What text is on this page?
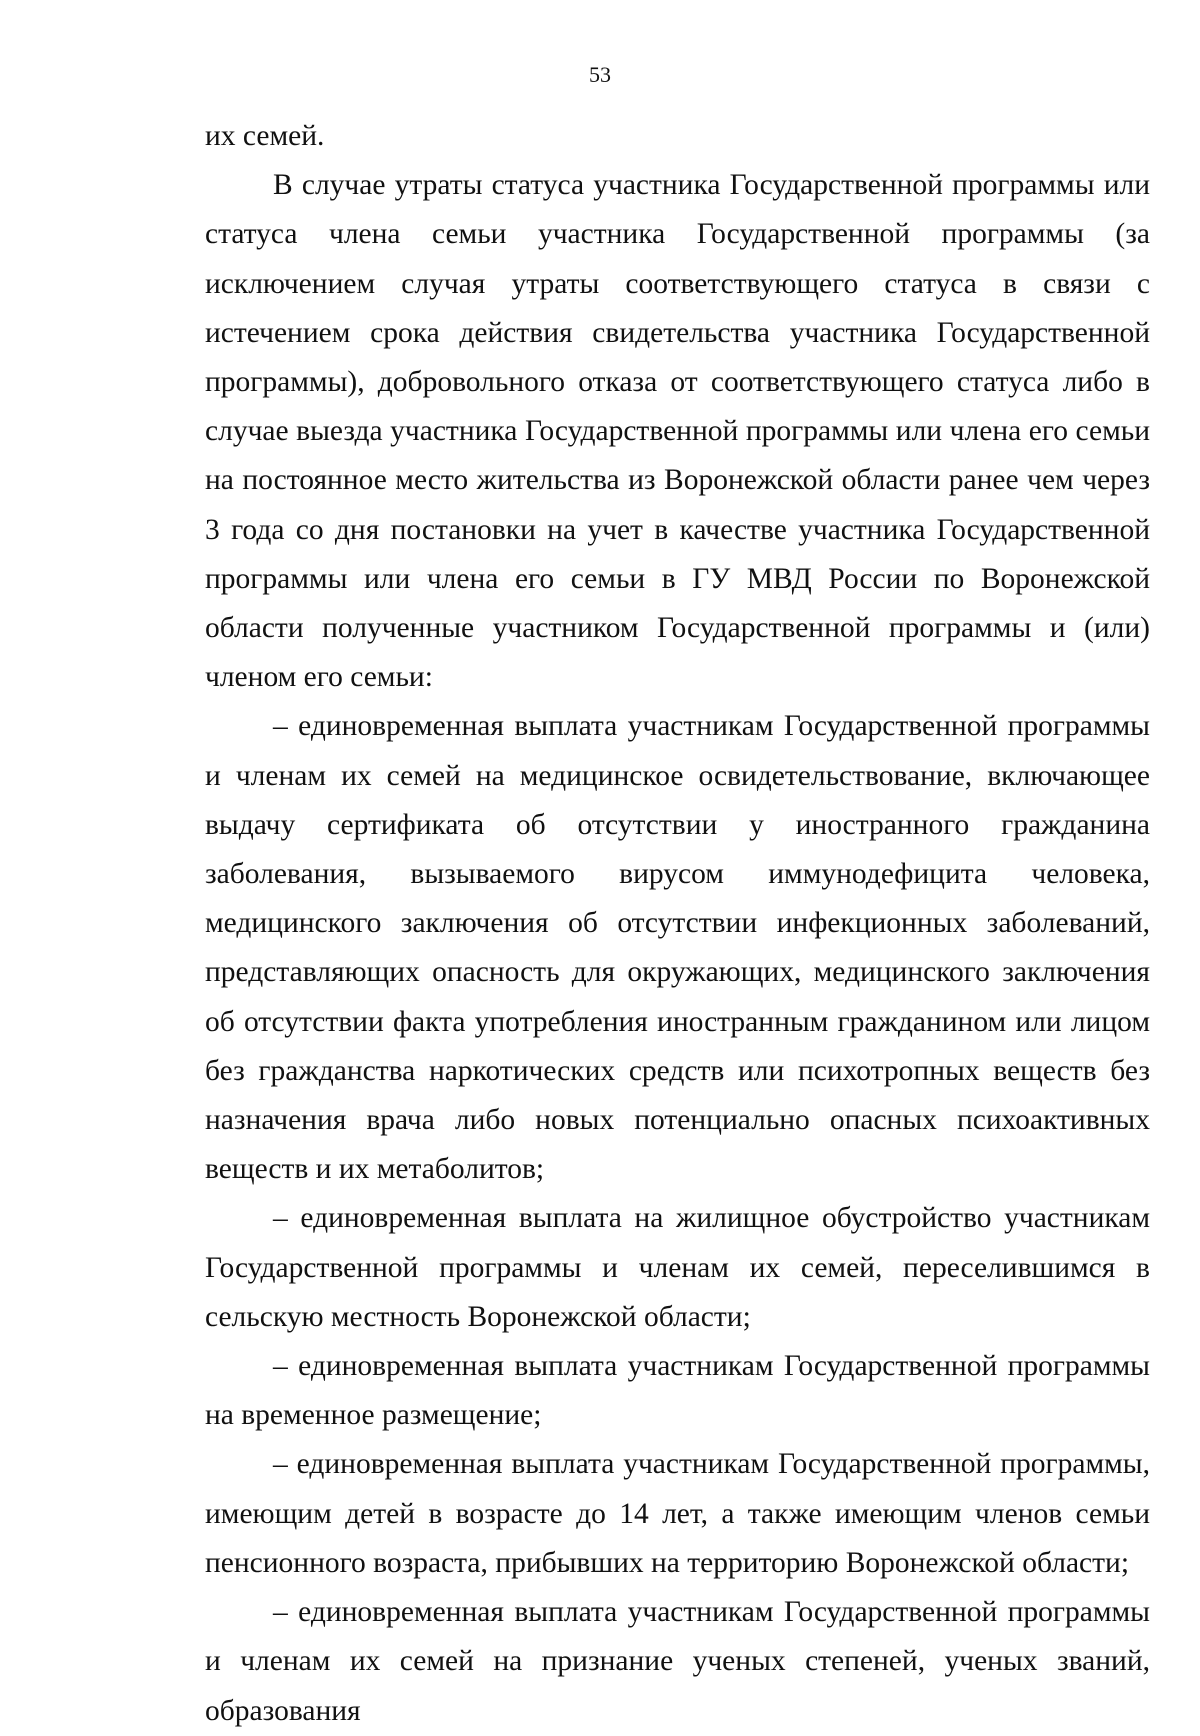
53

их семей.

В случае утраты статуса участника Государственной программы или статуса члена семьи участника Государственной программы (за исключением случая утраты соответствующего статуса в связи с истечением срока действия свидетельства участника Государственной программы), добровольного отказа от соответствующего статуса либо в случае выезда участника Государственной программы или члена его семьи на постоянное место жительства из Воронежской области ранее чем через 3 года со дня постановки на учет в качестве участника Государственной программы или члена его семьи в ГУ МВД России по Воронежской области полученные участником Государственной программы и (или) членом его семьи:

– единовременная выплата участникам Государственной программы и членам их семей на медицинское освидетельствование, включающее выдачу сертификата об отсутствии у иностранного гражданина заболевания, вызываемого вирусом иммунодефицита человека, медицинского заключения об отсутствии инфекционных заболеваний, представляющих опасность для окружающих, медицинского заключения об отсутствии факта употребления иностранным гражданином или лицом без гражданства наркотических средств или психотропных веществ без назначения врача либо новых потенциально опасных психоактивных веществ и их метаболитов;

– единовременная выплата на жилищное обустройство участникам Государственной программы и членам их семей, переселившимся в сельскую местность Воронежской области;

– единовременная выплата участникам Государственной программы на временное размещение;

– единовременная выплата участникам Государственной программы, имеющим детей в возрасте до 14 лет, а также имеющим членов семьи пенсионного возраста, прибывших на территорию Воронежской области;

– единовременная выплата участникам Государственной программы и членам их семей на признание ученых степеней, ученых званий, образования
